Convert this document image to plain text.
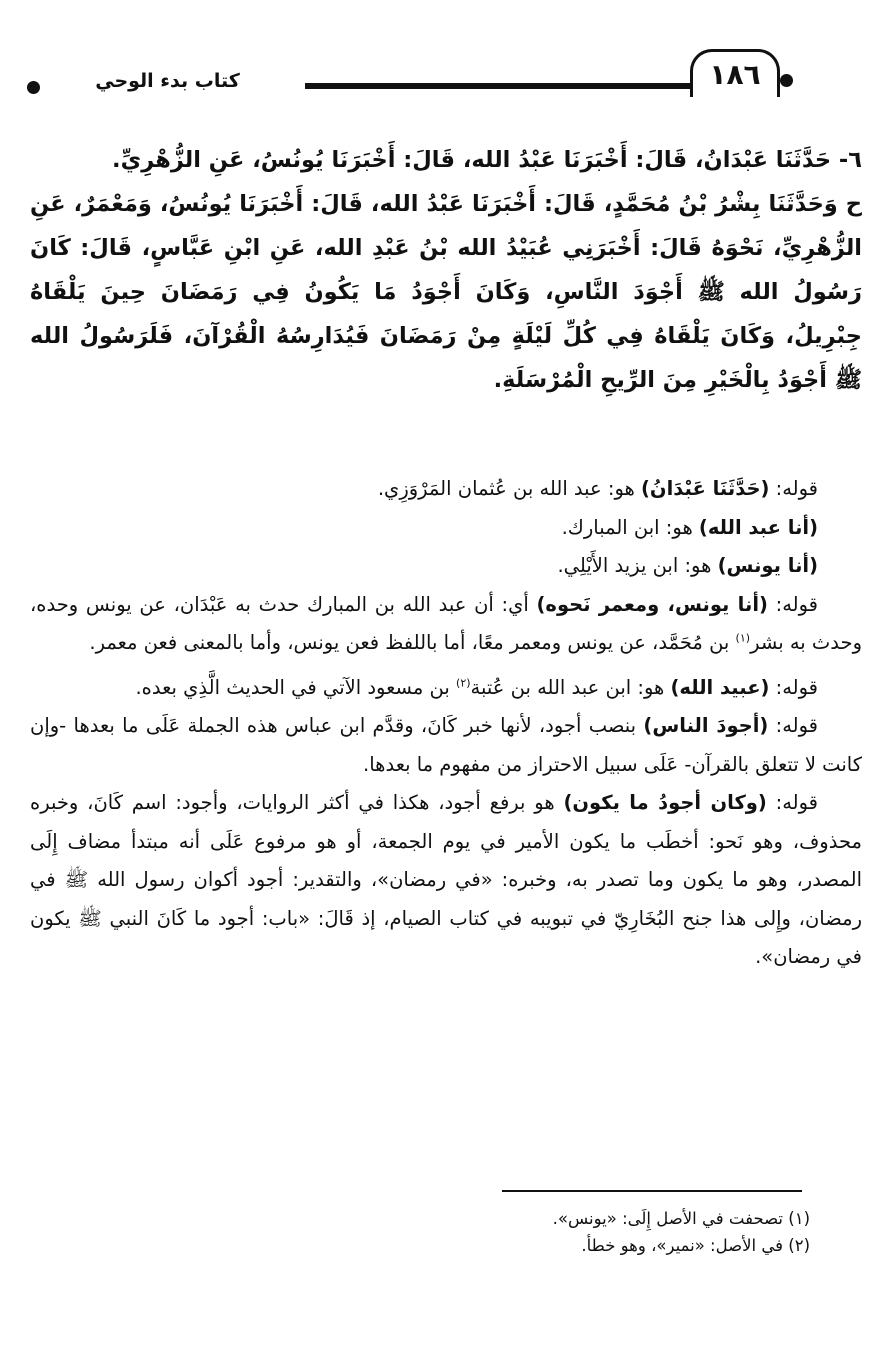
كتاب بدء الوحي	١٨٦

٦- حَدَّثَنَا عَبْدَانُ، قَالَ: أَخْبَرَنَا عَبْدُ الله، قَالَ: أَخْبَرَنَا يُونُسُ، عَنِ الزُّهْرِيِّ.

ح وَحَدَّثَنَا بِشْرُ بْنُ مُحَمَّدٍ، قَالَ: أَخْبَرَنَا عَبْدُ الله، قَالَ: أَخْبَرَنَا يُونُسُ، وَمَعْمَرٌ، عَنِ الزُّهْرِيِّ، نَحْوَهُ قَالَ: أَخْبَرَنِي عُبَيْدُ الله بْنُ عَبْدِ الله، عَنِ ابْنِ عَبَّاسٍ، قَالَ: كَانَ رَسُولُ الله ﷺ أَجْوَدَ النَّاسِ، وَكَانَ أَجْوَدُ مَا يَكُونُ فِي رَمَضَانَ حِينَ يَلْقَاهُ جِبْرِيلُ، وَكَانَ يَلْقَاهُ فِي كُلِّ لَيْلَةٍ مِنْ رَمَضَانَ فَيُدَارِسُهُ الْقُرْآنَ، فَلَرَسُولُ الله ﷺ أَجْوَدُ بِالْخَيْرِ مِنَ الرِّيحِ الْمُرْسَلَةِ.

قوله: (حَدَّثَنَا عَبْدَانُ) هو: عبد الله بن عُثمان المَرْوَزِي.

(أنا عبد الله) هو: ابن المبارك.

(أنا يونس) هو: ابن يزيد الأَيْلِي.

قوله: (أنا يونس، ومعمر نَحوه) أي: أن عبد الله بن المبارك حدث به عَبْدَان، عن يونس وحده، وحدث به بشر$^{(١)}$ بن مُحَمَّد، عن يونس ومعمر معًا، أما باللفظ فعن يونس، وأما بالمعنى فعن معمر.

قوله: (عبيد الله) هو: ابن عبد الله بن عُتبة$^{(٢)}$ بن مسعود الآتي في الحديث الَّذِي بعده.

قوله: (أجودَ الناس) بنصب أجود، لأنها خبر كَانَ، وقدَّم ابن عباس هذه الجملة عَلَى ما بعدها -وإن كانت لا تتعلق بالقرآن- عَلَى سبيل الاحتراز من مفهوم ما بعدها.

قوله: (وكان أجودُ ما يكون) هو برفع أجود، هكذا في أكثر الروايات، وأجود: اسم كَانَ، وخبره محذوف، وهو نَحو: أخطَب ما يكون الأمير في يوم الجمعة، أو هو مرفوع عَلَى أنه مبتدأ مضاف إِلَى المصدر، وهو ما يكون وما تصدر به، وخبره: «في رمضان»، والتقدير: أجود أكوان رسول الله ﷺ في رمضان، وإِلى هذا جنح البُخَارِيّ في تبويبه في كتاب الصيام، إذ قَالَ: «باب: أجود ما كَانَ النبي ﷺ يكون في رمضان».

(١) تصحفت في الأصل إِلَى: «يونس».

(٢) في الأصل: «نمير»، وهو خطأ.
